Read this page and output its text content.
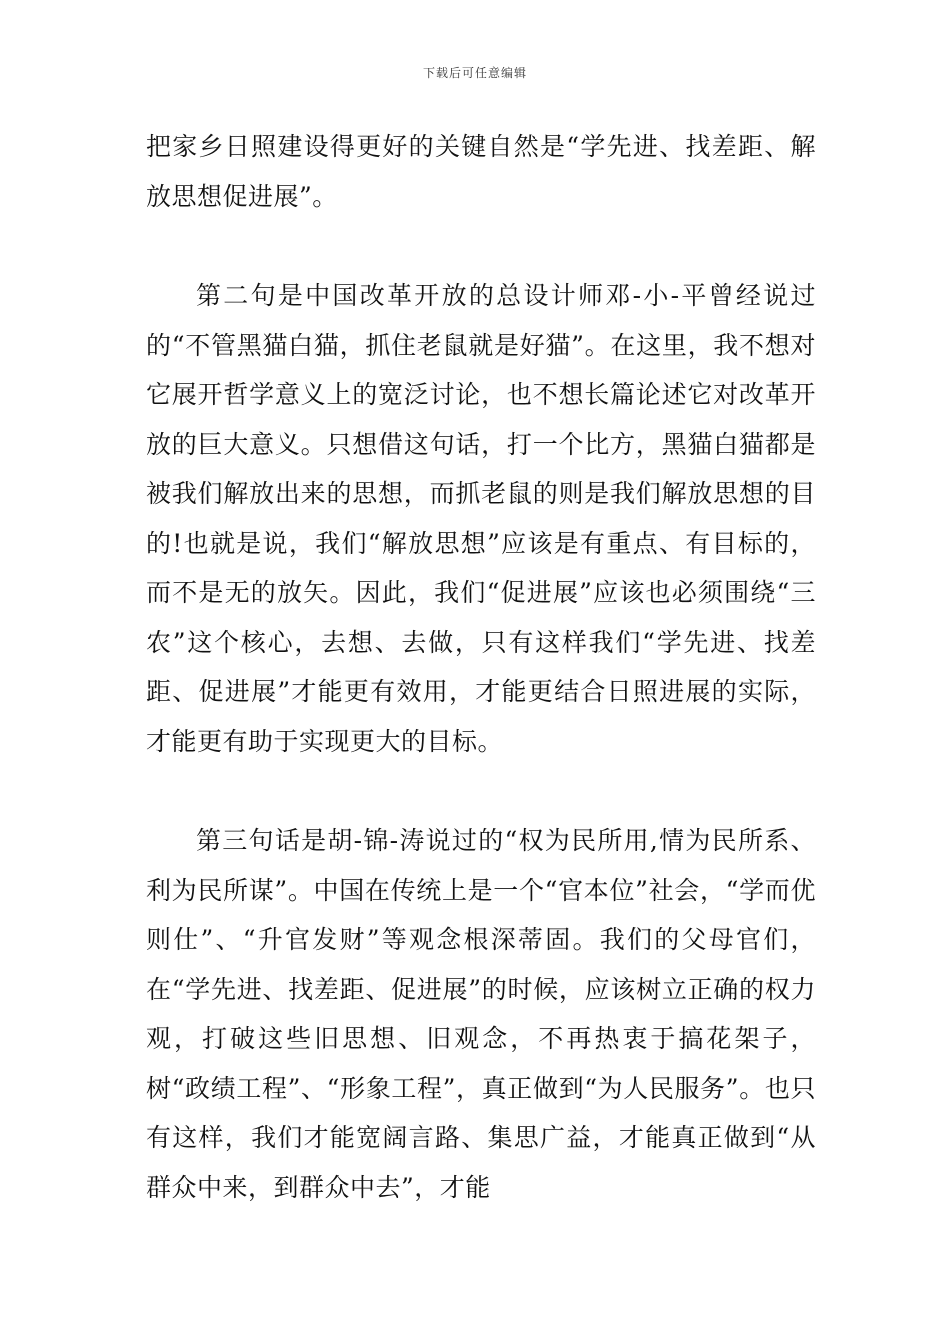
下载后可任意编辑

把家乡日照建设得更好的关键自然是“学先进、找差距、解放思想促进展”。

第二句是中国改革开放的总设计师邓-小-平曾经说过的“不管黑猫白猫，抓住老鼠就是好猫”。在这里，我不想对它展开哲学意义上的宽泛讨论，也不想长篇论述它对改革开放的巨大意义。只想借这句话，打一个比方，黑猫白猫都是被我们解放出来的思想，而抓老鼠的则是我们解放思想的目的!也就是说，我们“解放思想”应该是有重点、有目标的，而不是无的放矢。因此，我们“促进展”应该也必须围绕“三农”这个核心，去想、去做，只有这样我们“学先进、找差距、促进展”才能更有效用，才能更结合日照进展的实际，才能更有助于实现更大的目标。

第三句话是胡-锦-涛说过的“权为民所用,情为民所系、利为民所谋”。中国在传统上是一个“官本位”社会，“学而优则仕”、“升官发财”等观念根深蒂固。我们的父母官们，在“学先进、找差距、促进展”的时候，应该树立正确的权力观，打破这些旧思想、旧观念，不再热衷于搞花架子，树“政绩工程”、“形象工程”，真正做到“为人民服务”。也只有这样，我们才能宽阔言路、集思广益，才能真正做到“从群众中来，到群众中去”，才能
